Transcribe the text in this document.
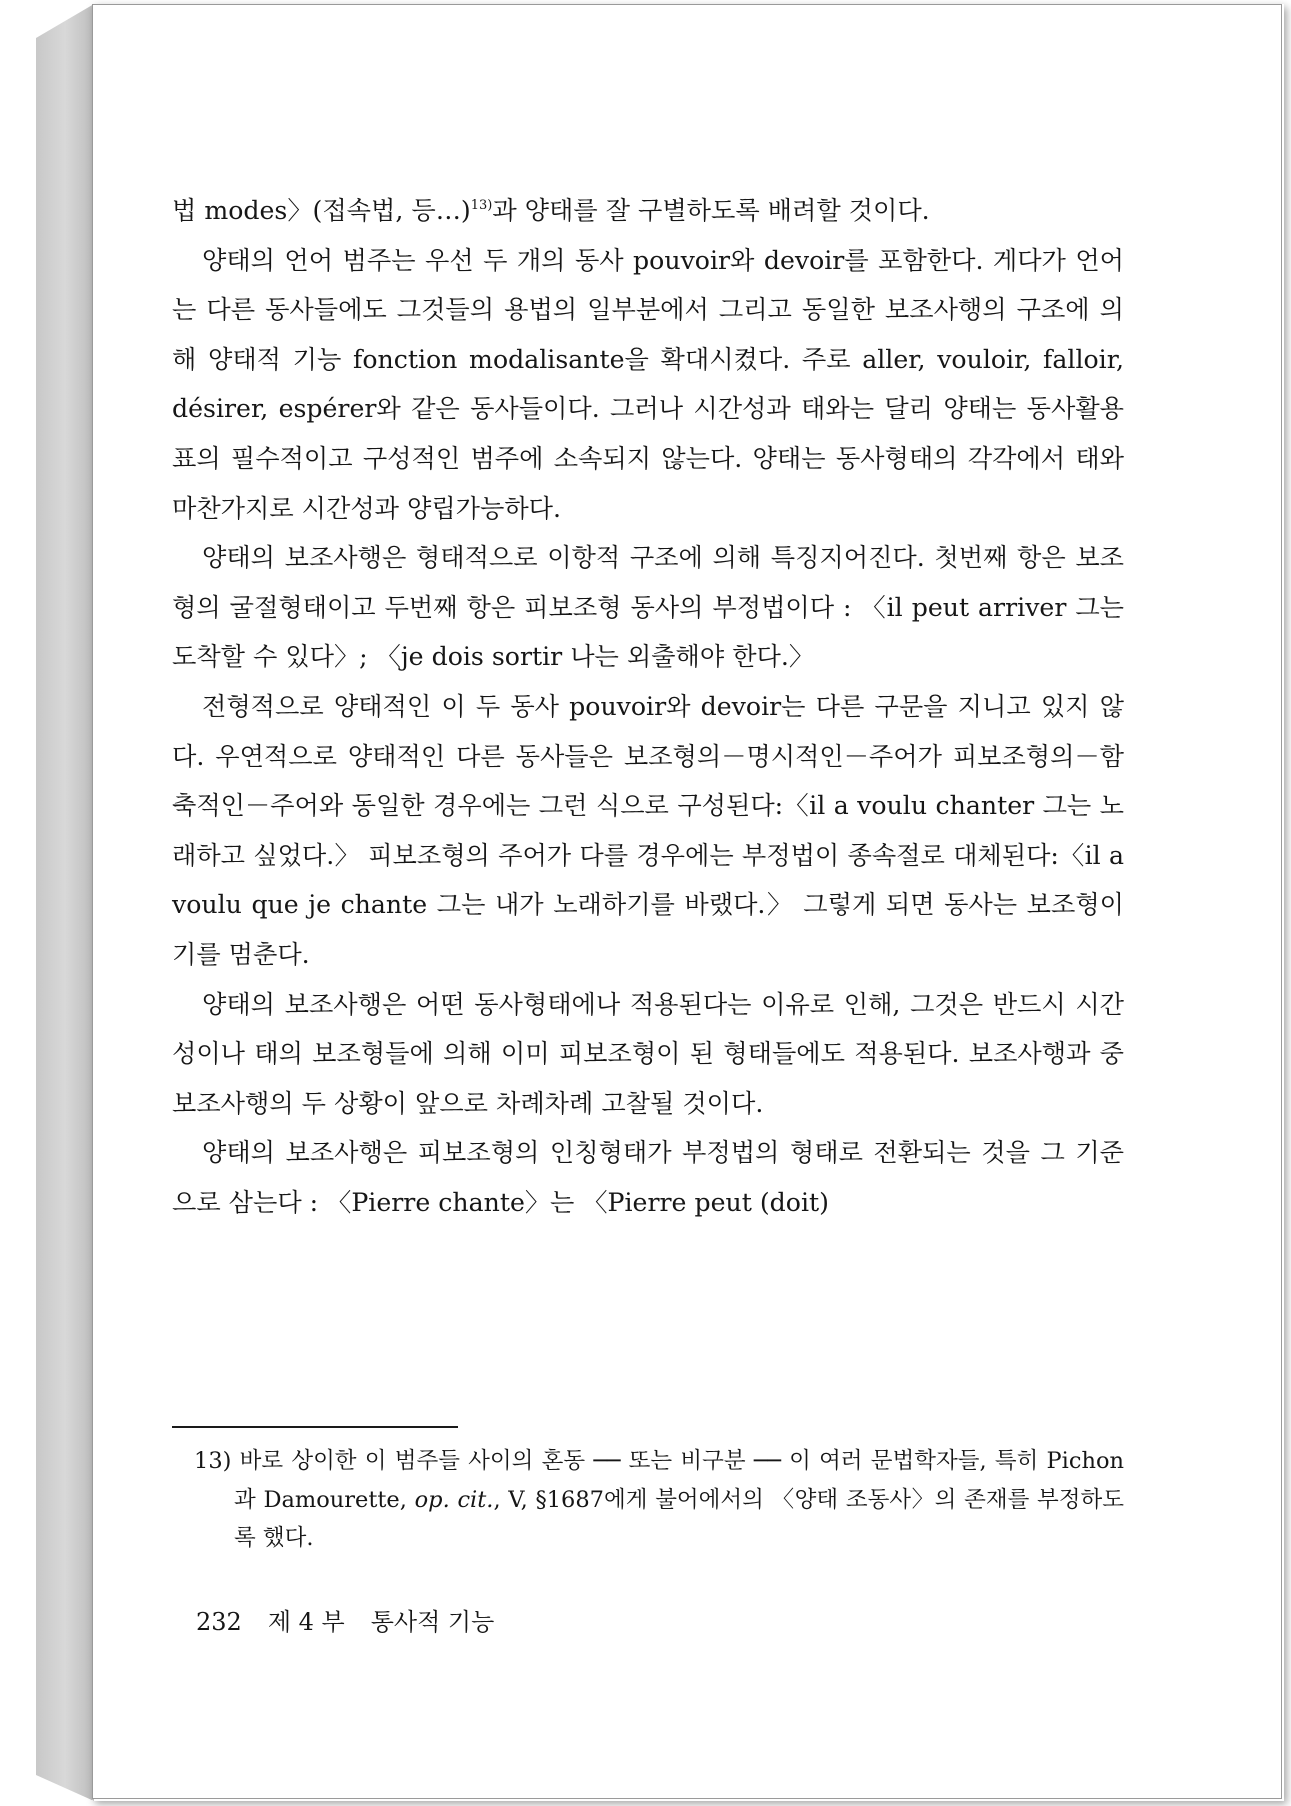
법 modes〉(접속법, 등…)$^{13)}$과 양태를 잘 구별하도록 배려할 것이다.

양태의 언어 범주는 우선 두 개의 동사 pouvoir와 devoir를 포함한다. 게다가 언어는 다른 동사들에도 그것들의 용법의 일부분에서 그리고 동일한 보조사행의 구조에 의해 양태적 기능 fonction modalisante을 확대시켰다. 주로 aller, vouloir, falloir, désirer, espérer와 같은 동사들이다. 그러나 시간성과 태와는 달리 양태는 동사활용표의 필수적이고 구성적인 범주에 소속되지 않는다. 양태는 동사형태의 각각에서 태와 마찬가지로 시간성과 양립가능하다.

양태의 보조사행은 형태적으로 이항적 구조에 의해 특징지어진다. 첫번째 항은 보조형의 굴절형태이고 두번째 항은 피보조형 동사의 부정법이다 : 〈il peut arriver 그는 도착할 수 있다〉; 〈je dois sortir 나는 외출해야 한다.〉

전형적으로 양태적인 이 두 동사 pouvoir와 devoir는 다른 구문을 지니고 있지 않다. 우연적으로 양태적인 다른 동사들은 보조형의－명시적인－주어가 피보조형의－함축적인－주어와 동일한 경우에는 그런 식으로 구성된다:〈il a voulu chanter 그는 노래하고 싶었다.〉 피보조형의 주어가 다를 경우에는 부정법이 종속절로 대체된다:〈il a voulu que je chante 그는 내가 노래하기를 바랬다.〉 그렇게 되면 동사는 보조형이기를 멈춘다.

양태의 보조사행은 어떤 동사형태에나 적용된다는 이유로 인해, 그것은 반드시 시간성이나 태의 보조형들에 의해 이미 피보조형이 된 형태들에도 적용된다. 보조사행과 중보조사행의 두 상황이 앞으로 차례차례 고찰될 것이다.

양태의 보조사행은 피보조형의 인칭형태가 부정법의 형태로 전환되는 것을 그 기준으로 삼는다 : 〈Pierre chante〉는 〈Pierre peut (doit)

13) 바로 상이한 이 범주들 사이의 혼동 ── 또는 비구분 ── 이 여러 문법학자들, 특히 Pichon과 Damourette, op. cit., V, §1687에게 불어에서의 〈양태 조동사〉의 존재를 부정하도록 했다.

232 제 4 부 통사적 기능
